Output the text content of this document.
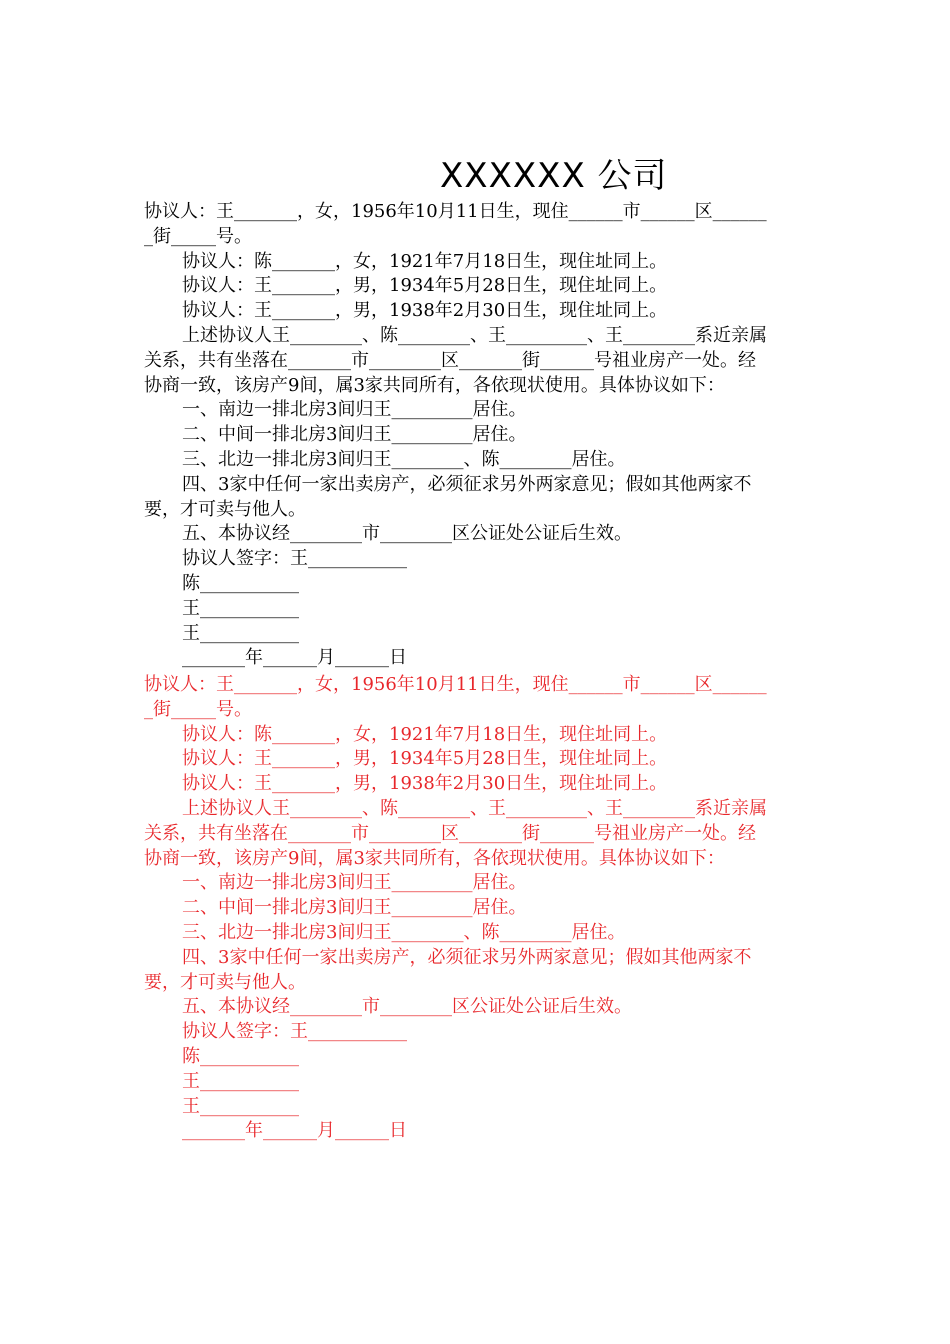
XXXXXX 公司
协议人：王_______，女，1956年10月11日生，现住______市______区______
_街_____号。
协议人：陈_______，女，1921年7月18日生，现住址同上。
协议人：王_______，男，1934年5月28日生，现住址同上。
协议人：王_______，男，1938年2月30日生，现住址同上。
上述协议人王________、陈________、王_________、王________系近亲属
关系，共有坐落在_______市________区_______街______号祖业房产一处。经
协商一致，该房产9间，属3家共同所有，各依现状使用。具体协议如下：
一、南边一排北房3间归王_________居住。
二、中间一排北房3间归王_________居住。
三、北边一排北房3间归王________、陈________居住。
四、3家中任何一家出卖房产，必须征求另外两家意见；假如其他两家不
要，才可卖与他人。
五、本协议经________市________区公证处公证后生效。
协议人签字：王___________
陈___________
王___________
王___________
_______年______月______日
协议人：王_______，女，1956年10月11日生，现住______市______区______
_街_____号。
协议人：陈_______，女，1921年7月18日生，现住址同上。
协议人：王_______，男，1934年5月28日生，现住址同上。
协议人：王_______，男，1938年2月30日生，现住址同上。
上述协议人王________、陈________、王_________、王________系近亲属
关系，共有坐落在_______市________区_______街______号祖业房产一处。经
协商一致，该房产9间，属3家共同所有，各依现状使用。具体协议如下：
一、南边一排北房3间归王_________居住。
二、中间一排北房3间归王_________居住。
三、北边一排北房3间归王________、陈________居住。
四、3家中任何一家出卖房产，必须征求另外两家意见；假如其他两家不
要，才可卖与他人。
五、本协议经________市________区公证处公证后生效。
协议人签字：王___________
陈___________
王___________
王___________
_______年______月______日
